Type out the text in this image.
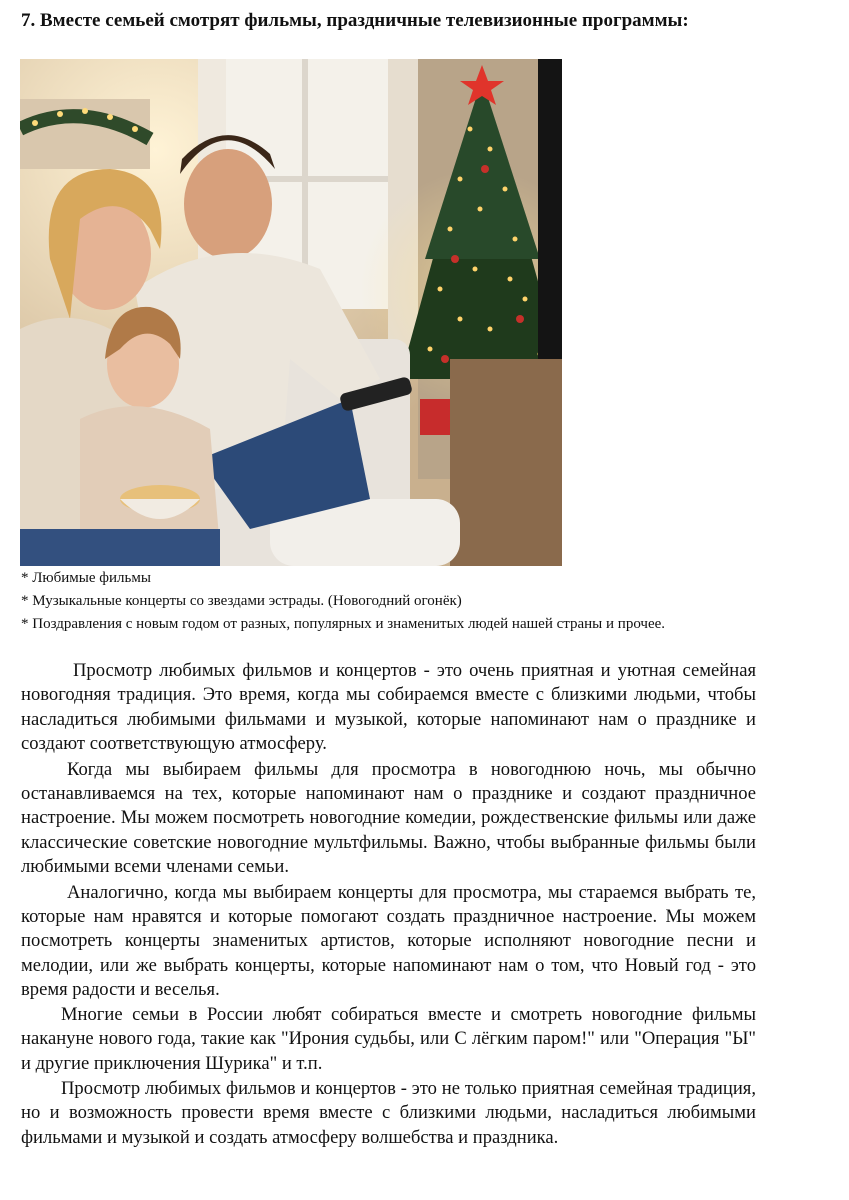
7. Вместе семьей смотрят фильмы, праздничные телевизионные программы:

* Любимые фильмы

* Музыкальные концерты со звездами эстрады. (Новогодний огонёк)

* Поздравления с новым годом от разных, популярных и знаменитых людей нашей страны и прочее.

Просмотр любимых фильмов и концертов - это очень приятная и уютная семейная новогодняя традиция. Это время, когда мы собираемся вместе с близкими людьми, чтобы насладиться любимыми фильмами и музыкой, которые напоминают нам о празднике и создают соответствующую атмосферу.

Когда мы выбираем фильмы для просмотра в новогоднюю ночь, мы обычно останавливаемся на тех, которые напоминают нам о празднике и создают праздничное настроение. Мы можем посмотреть новогодние комедии, рождественские фильмы или даже классические советские новогодние мультфильмы. Важно, чтобы выбранные фильмы были любимыми всеми членами семьи.

Аналогично, когда мы выбираем концерты для просмотра, мы стараемся выбрать те, которые нам нравятся и которые помогают создать праздничное настроение. Мы можем посмотреть концерты знаменитых артистов, которые исполняют новогодние песни и мелодии, или же выбрать концерты, которые напоминают нам о том, что Новый год - это время радости и веселья.

Многие семьи в России любят собираться вместе и смотреть новогодние фильмы накануне нового года, такие как "Ирония судьбы, или С лёгким паром!" или "Операция "Ы" и другие приключения Шурика" и т.п.

Просмотр любимых фильмов и концертов - это не только приятная семейная традиция, но и возможность провести время вместе с близкими людьми, насладиться любимыми фильмами и музыкой и создать атмосферу волшебства и праздника.
